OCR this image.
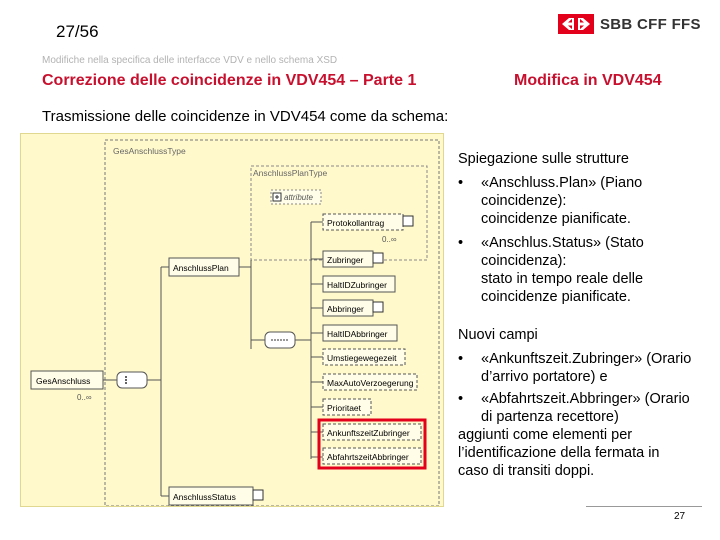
27/56	SBB CFF FFS
Modifiche nella specifica delle interfacce VDV e nello schema XSD
Correzione delle coincidenze in VDV454 – Parte 1	Modifica in VDV454
Trasmissione delle coincidenze in VDV454 come da schema:
GesAnschlussType
AnschlussPlanType
attribute
GesAnschluss
0..∞
AnschlussPlan
Protokollantrag
0..∞
Zubringer
HaltIDZubringer
Abbringer
HaltIDAbbringer
Umstiegewegezeit
MaxAutoVerzoegerung
Prioritaet
AnkunftszeitZubringer
AbfahrtszeitAbbringer
AnschlussStatus
Spiegazione sulle strutture
• «Anschluss.Plan» (Piano
coincidenze):
coincidenze pianificate.
• «Anschlus.Status» (Stato
coincidenza):
stato in tempo reale delle
coincidenze pianificate.
Nuovi campi
• «Ankunftszeit.Zubringer» (Orario
d’arrivo portatore) e
• «Abfahrtszeit.Abbringer» (Orario
di partenza recettore)
aggiunti come elementi per
l’identificazione della fermata in
caso di transiti doppi.
27
